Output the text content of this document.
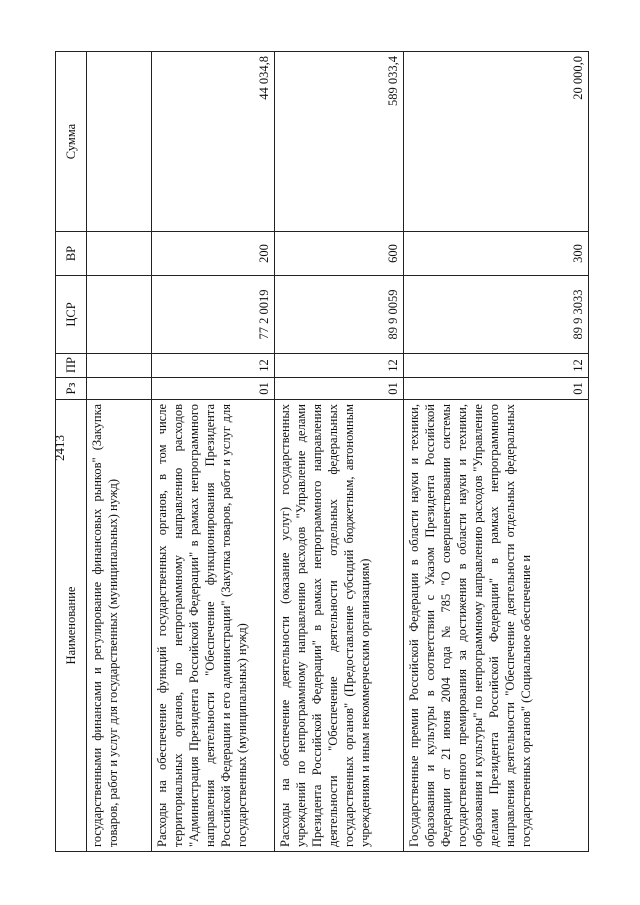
2413
Наименование	Рз	ПР	ЦСР	ВР	Сумма
государственными финансами и регулирование финансовых рынков" (Закупка товаров, работ и услуг для государственных (муниципальных) нужд)					
Расходы на обеспечение функций государственных органов, в том числе территориальных органов, по непрограммному направлению расходов "Администрация Президента Российской Федерации" в рамках непрограммного направления деятельности "Обеспечение функционирования Президента Российской Федерации и его администрации" (Закупка товаров, работ и услуг для государственных (муниципальных) нужд)	01	12	77 2 0019	200	44 034,8
Расходы на обеспечение деятельности (оказание услуг) государственных учреждений по непрограммному направлению расходов "Управление делами Президента Российской Федерации" в рамках непрограммного направления деятельности "Обеспечение деятельности отдельных федеральных государственных органов" (Предоставление субсидий бюджетным, автономным учреждениям и иным некоммерческим организациям)	01	12	89 9 0059	600	589 033,4
Государственные премии Российской Федерации в области науки и техники, образования и культуры в соответствии с Указом Президента Российской Федерации от 21 июня 2004 года № 785 "О совершенствовании системы государственного премирования за достижения в области науки и техники, образования и культуры" по непрограммному направлению расходов "Управление делами Президента Российской Федерации" в рамках непрограммного направления деятельности "Обеспечение деятельности отдельных федеральных государственных органов" (Социальное обеспечение и	01	12	89 9 3033	300	20 000,0
